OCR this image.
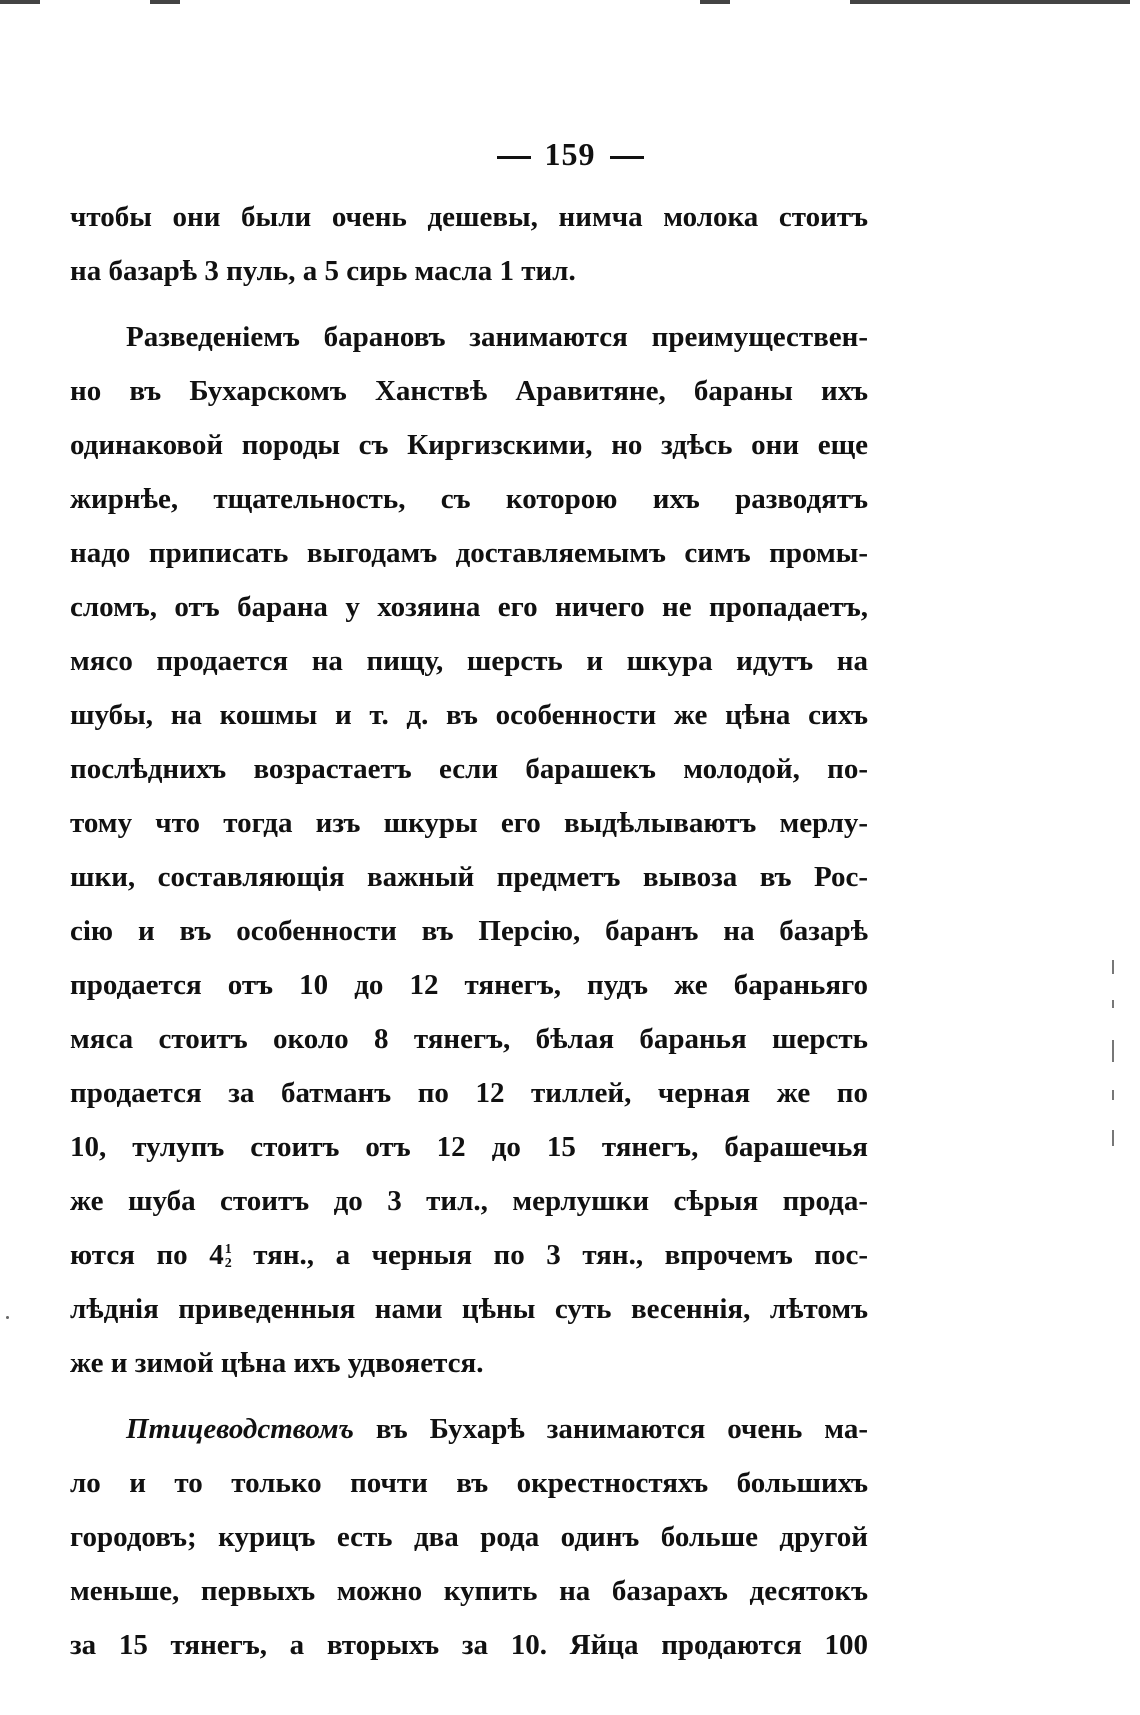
159
чтобы они были очень дешевы, нимча молока стоитъ
на базарѣ 3 пуль, а 5 сирь масла 1 тил.
Разведеніемъ барановъ занимаются преимуществен-
но въ Бухарскомъ Ханствѣ Аравитяне, бараны ихъ
одинаковой породы съ Киргизскими, но здѣсь они еще
жирнѣе, тщательность, съ которою ихъ разводятъ
надо приписать выгодамъ доставляемымъ симъ промы-
сломъ, отъ барана у хозяина его ничего не пропадаетъ,
мясо продается на пищу, шерсть и шкура идутъ на
шубы, на кошмы и т. д. въ особенности же цѣна сихъ
послѣднихъ возрастаетъ если барашекъ молодой, по-
тому что тогда изъ шкуры его выдѣлываютъ мерлу-
шки, составляющія важный предметъ вывоза въ Рос-
сію и въ особенности въ Персію, баранъ на базарѣ
продается отъ 10 до 12 тянегъ, пудъ же бараньяго
мяса стоитъ около 8 тянегъ, бѣлая баранья шерсть
продается за батманъ по 12 тиллей, черная же по
10, тулупъ стоитъ отъ 12 до 15 тянегъ, барашечья
же шуба стоитъ до 3 тил., мерлушки сѣрыя прода-
ются по 4 1
2 тян., а черныя по 3 тян., впрочемъ пос-
лѣднія приведенныя нами цѣны суть весеннія, лѣтомъ
же и зимой цѣна ихъ удвояется.
Птицеводствомъ въ Бухарѣ занимаются очень ма-
ло и то только почти въ окрестностяхъ большихъ
городовъ; курицъ есть два рода одинъ больше другой
меньше, первыхъ можно купить на базарахъ десятокъ
за 15 тянегъ, а вторыхъ за 10. Яйца продаются 100
